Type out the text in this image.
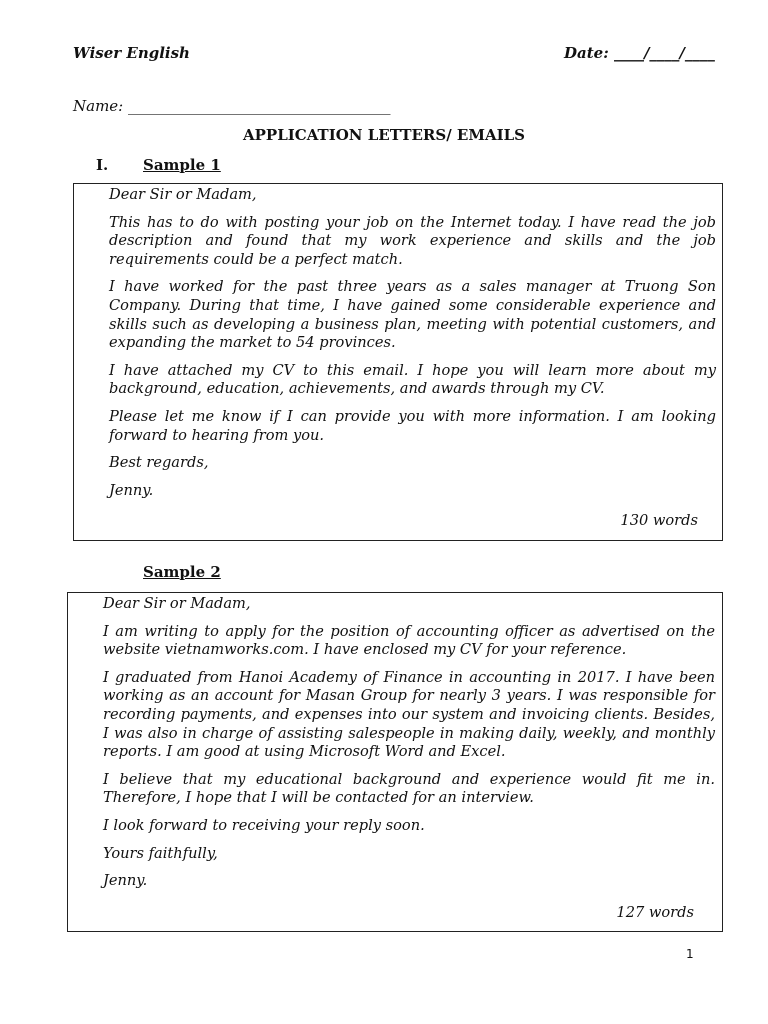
Wiser English	Date: ____/____/____
Name: ___________________________________
APPLICATION LETTERS/ EMAILS
I. Sample 1

Dear Sir or Madam,

This has to do with posting your job on the Internet today. I have read the job description and found that my work experience and skills and the job requirements could be a perfect match.

I have worked for the past three years as a sales manager at Truong Son Company. During that time, I have gained some considerable experience and skills such as developing a business plan, meeting with potential customers, and expanding the market to 54 provinces.

I have attached my CV to this email. I hope you will learn more about my background, education, achievements, and awards through my CV.

Please let me know if I can provide you with more information. I am looking forward to hearing from you.

Best regards,

Jenny.

130 words
Sample 2

Dear Sir or Madam,

I am writing to apply for the position of accounting officer as advertised on the website vietnamworks.com. I have enclosed my CV for your reference.

I graduated from Hanoi Academy of Finance in accounting in 2017. I have been working as an account for Masan Group for nearly 3 years. I was responsible for recording payments, and expenses into our system and invoicing clients. Besides, I was also in charge of assisting salespeople in making daily, weekly, and monthly reports. I am good at using Microsoft Word and Excel.

I believe that my educational background and experience would fit me in. Therefore, I hope that I will be contacted for an interview.

I look forward to receiving your reply soon.

Yours faithfully,

Jenny.

127 words
1
